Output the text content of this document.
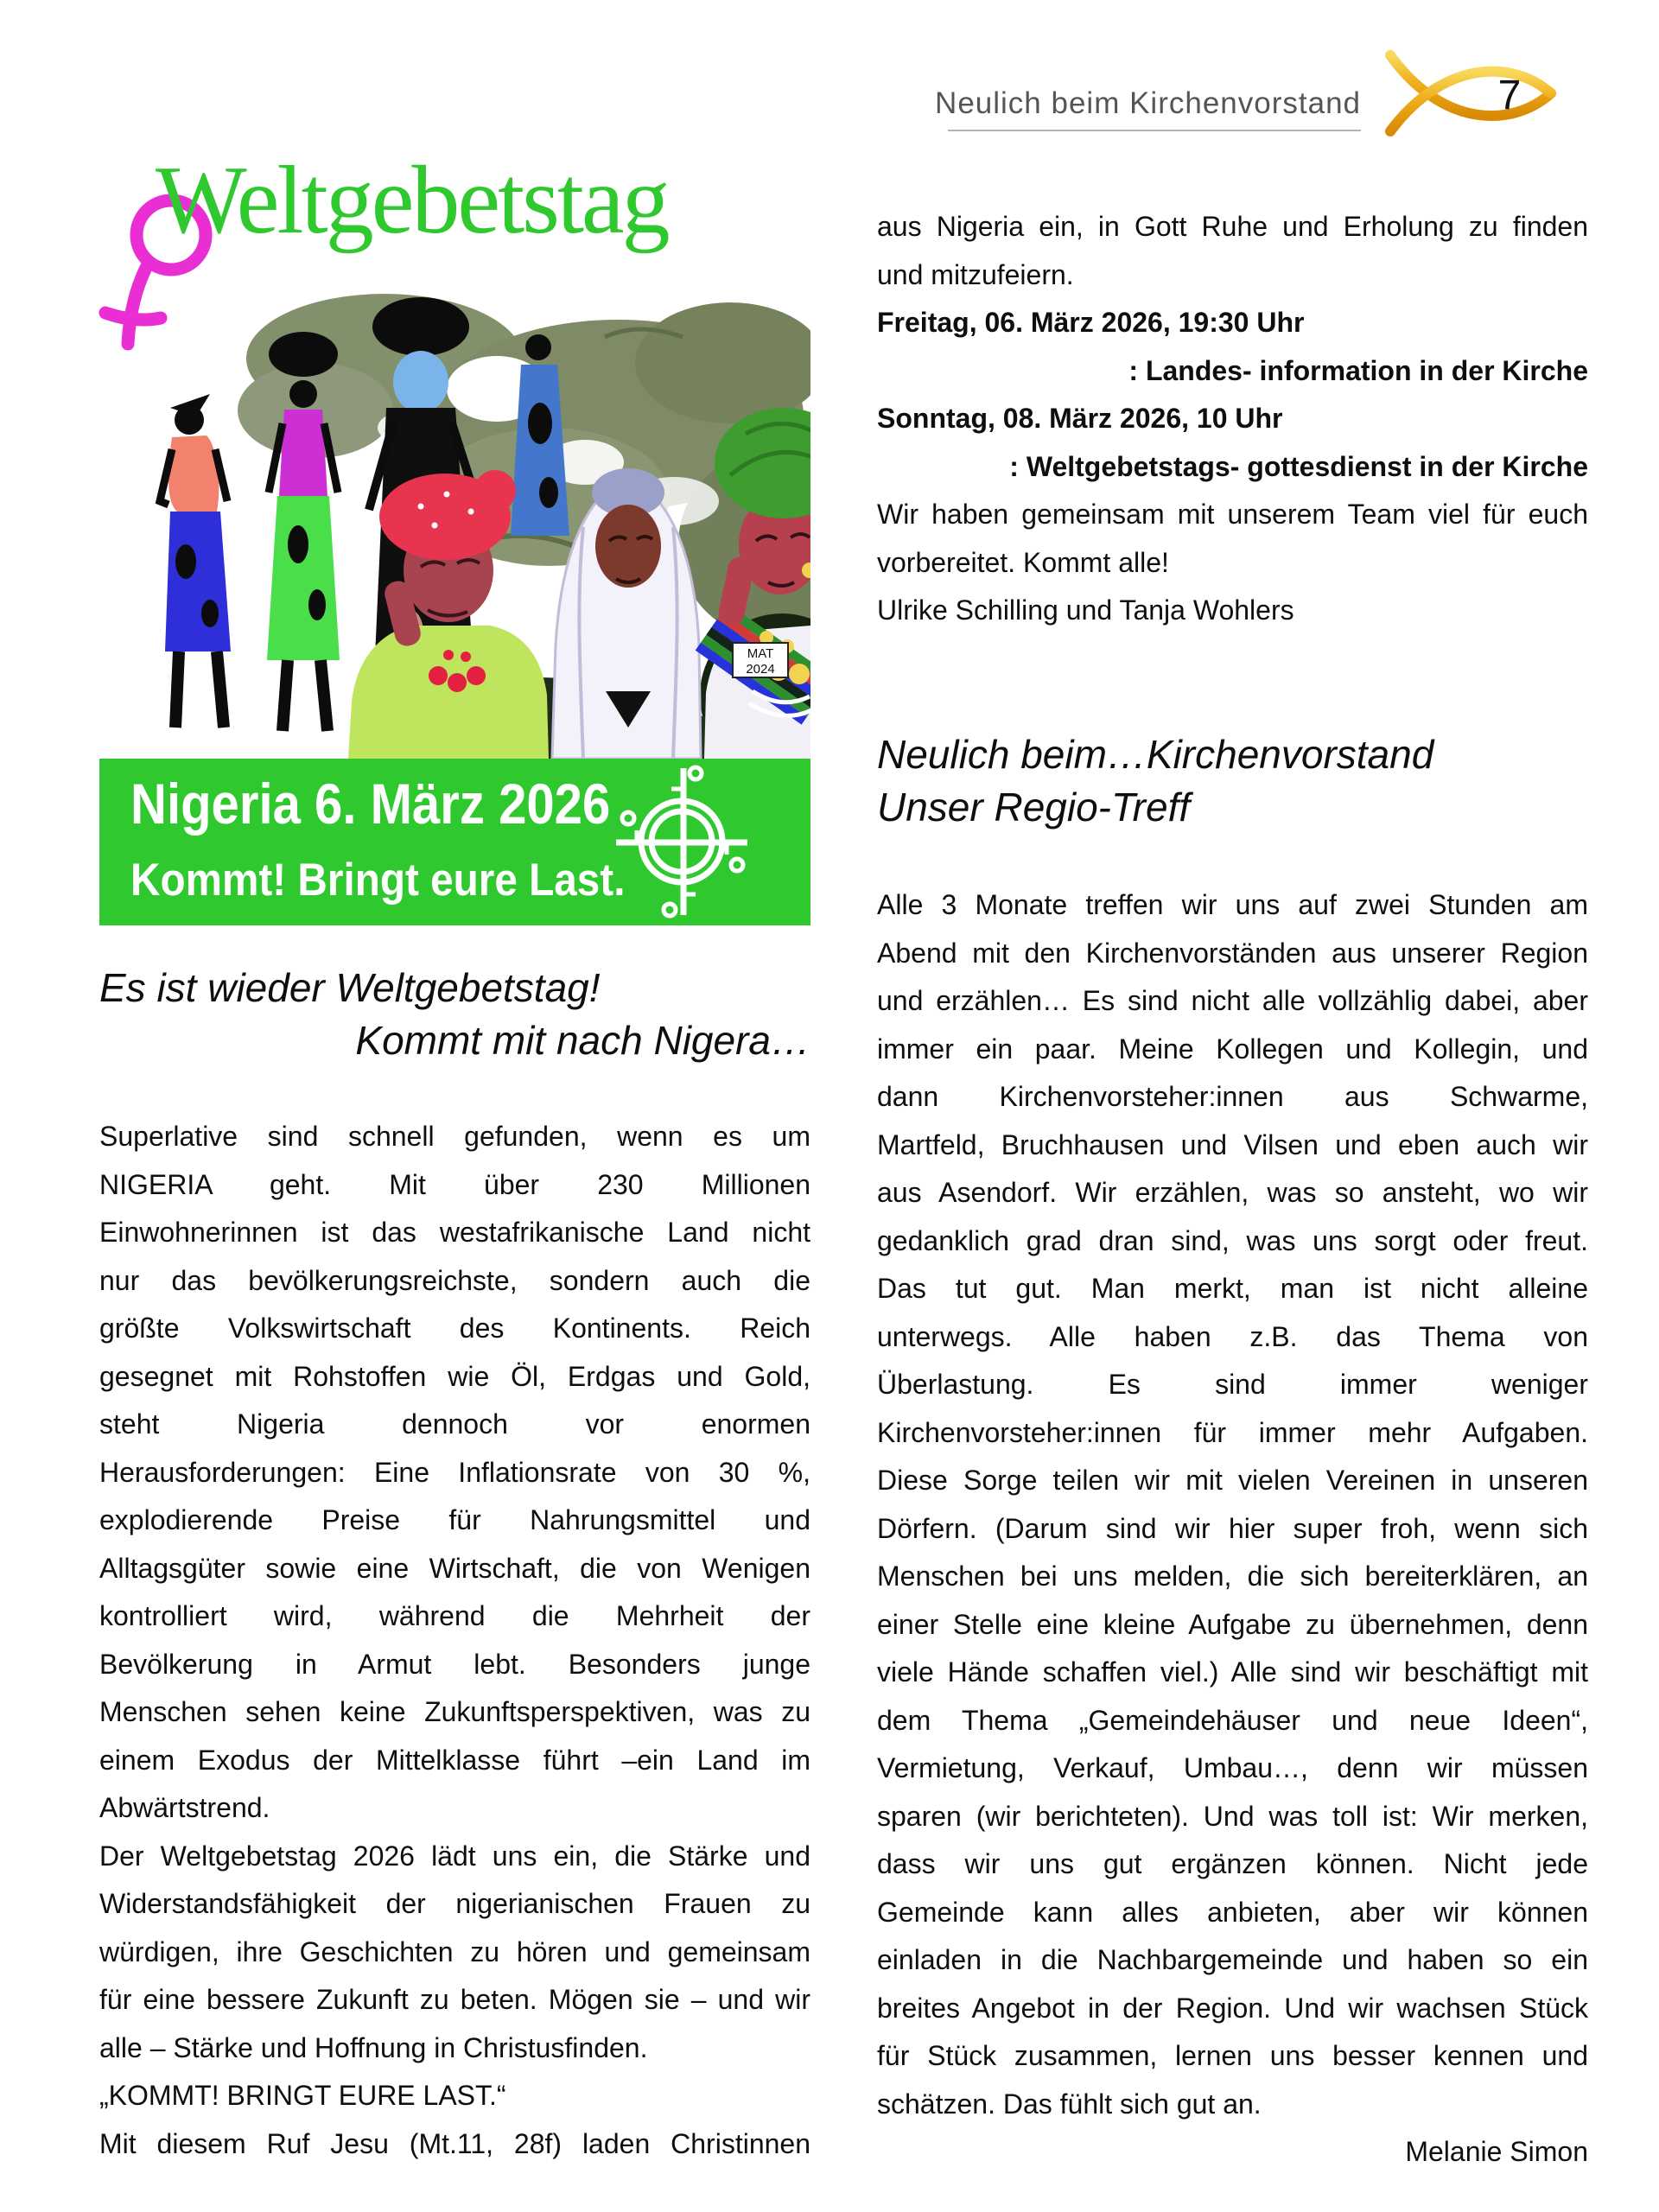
Neulich beim Kirchenvorstand	7
Weltgebetstag
MAT
2024
Nigeria 6. März 2026
Kommt! Bringt eure Last.
Es ist wieder Weltgebetstag!
Kommt mit nach Nigera…
Superlative sind schnell gefunden, wenn es um
NIGERIA geht. Mit über 230 Millionen
Einwohnerinnen ist das westafrikanische Land nicht
nur das bevölkerungsreichste, sondern auch die
größte Volkswirtschaft des Kontinents. Reich
gesegnet mit Rohstoffen wie Öl, Erdgas und Gold,
steht Nigeria dennoch vor enormen
Herausforderungen: Eine Inflationsrate von 30 %,
explodierende Preise für Nahrungsmittel und
Alltagsgüter sowie eine Wirtschaft, die von Wenigen
kontrolliert wird, während die Mehrheit der
Bevölkerung in Armut lebt. Besonders junge
Menschen sehen keine Zukunftsperspektiven, was zu
einem Exodus der Mittelklasse führt –ein Land im
Abwärtstrend.
Der Weltgebetstag 2026 lädt uns ein, die Stärke und
Widerstandsfähigkeit der nigerianischen Frauen zu
würdigen, ihre Geschichten zu hören und gemeinsam
für eine bessere Zukunft zu beten. Mögen sie – und wir
alle – Stärke und Hoffnung in Christusfinden.
„KOMMT! BRINGT EURE LAST.“
Mit diesem Ruf Jesu (Mt.11, 28f) laden Christinnen
aus Nigeria ein, in Gott Ruhe und Erholung zu finden
und mitzufeiern.
Freitag, 06. März 2026, 19:30 Uhr
: Landes- information in der Kirche
Sonntag, 08. März 2026, 10 Uhr
: Weltgebetstags- gottesdienst in der Kirche
Wir haben gemeinsam mit unserem Team viel für euch
vorbereitet. Kommt alle!
Ulrike Schilling und Tanja Wohlers
Neulich beim…Kirchenvorstand
Unser Regio-Treff
Alle 3 Monate treffen wir uns auf zwei Stunden am
Abend mit den Kirchenvorständen aus unserer Region
und erzählen… Es sind nicht alle vollzählig dabei, aber
immer ein paar. Meine Kollegen und Kollegin, und
dann Kirchenvorsteher:innen aus Schwarme,
Martfeld, Bruchhausen und Vilsen und eben auch wir
aus Asendorf. Wir erzählen, was so ansteht, wo wir
gedanklich grad dran sind, was uns sorgt oder freut.
Das tut gut. Man merkt, man ist nicht alleine
unterwegs. Alle haben z.B. das Thema von
Überlastung. Es sind immer weniger
Kirchenvorsteher:innen für immer mehr Aufgaben.
Diese Sorge teilen wir mit vielen Vereinen in unseren
Dörfern. (Darum sind wir hier super froh, wenn sich
Menschen bei uns melden, die sich bereiterklären, an
einer Stelle eine kleine Aufgabe zu übernehmen, denn
viele Hände schaffen viel.) Alle sind wir beschäftigt mit
dem Thema „Gemeindehäuser und neue Ideen“,
Vermietung, Verkauf, Umbau…, denn wir müssen
sparen (wir berichteten). Und was toll ist: Wir merken,
dass wir uns gut ergänzen können. Nicht jede
Gemeinde kann alles anbieten, aber wir können
einladen in die Nachbargemeinde und haben so ein
breites Angebot in der Region. Und wir wachsen Stück
für Stück zusammen, lernen uns besser kennen und
schätzen. Das fühlt sich gut an.
Melanie Simon
